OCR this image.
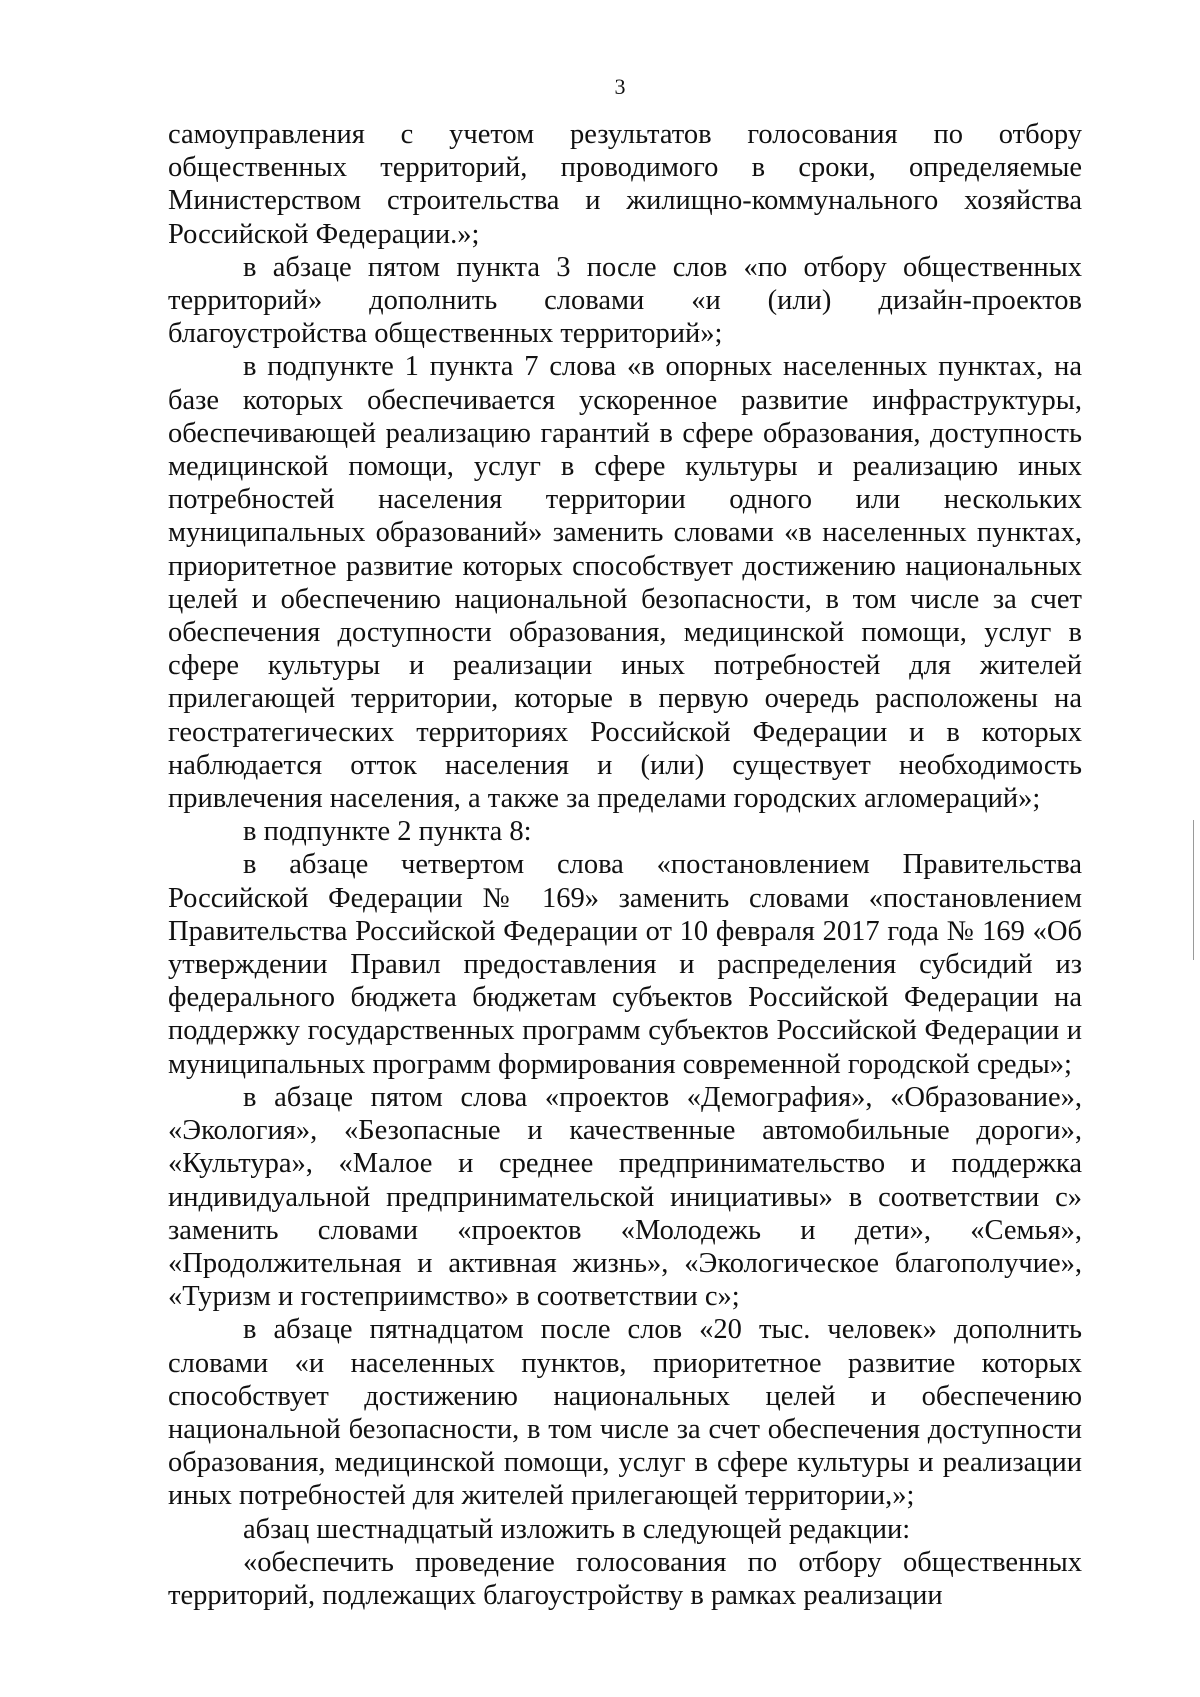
3

самоуправления с учетом результатов голосования по отбору общественных территорий, проводимого в сроки, определяемые Министерством строительства и жилищно-коммунального хозяйства Российской Федерации.»;

в абзаце пятом пункта 3 после слов «по отбору общественных территорий» дополнить словами «и (или) дизайн-проектов благоустройства общественных территорий»;

в подпункте 1 пункта 7 слова «в опорных населенных пунктах, на базе которых обеспечивается ускоренное развитие инфраструктуры, обеспечивающей реализацию гарантий в сфере образования, доступность медицинской помощи, услуг в сфере культуры и реализацию иных потребностей населения территории одного или нескольких муниципальных образований» заменить словами «в населенных пунктах, приоритетное развитие которых способствует достижению национальных целей и обеспечению национальной безопасности, в том числе за счет обеспечения доступности образования, медицинской помощи, услуг в сфере культуры и реализации иных потребностей для жителей прилегающей территории, которые в первую очередь расположены на геостратегических территориях Российской Федерации и в которых наблюдается отток населения и (или) существует необходимость привлечения населения, а также за пределами городских агломераций»;

в подпункте 2 пункта 8:

в абзаце четвертом слова «постановлением Правительства Российской Федерации № 169» заменить словами «постановлением Правительства Российской Федерации от 10 февраля 2017 года № 169 «Об утверждении Правил предоставления и распределения субсидий из федерального бюджета бюджетам субъектов Российской Федерации на поддержку государственных программ субъектов Российской Федерации и муниципальных программ формирования современной городской среды»;

в абзаце пятом слова «проектов «Демография», «Образование», «Экология», «Безопасные и качественные автомобильные дороги», «Культура», «Малое и среднее предпринимательство и поддержка индивидуальной предпринимательской инициативы» в соответствии с» заменить словами «проектов «Молодежь и дети», «Семья», «Продолжительная и активная жизнь», «Экологическое благополучие», «Туризм и гостеприимство» в соответствии с»;

в абзаце пятнадцатом после слов «20 тыс. человек» дополнить словами «и населенных пунктов, приоритетное развитие которых способствует достижению национальных целей и обеспечению национальной безопасности, в том числе за счет обеспечения доступности образования, медицинской помощи, услуг в сфере культуры и реализации иных потребностей для жителей прилегающей территории,»;

абзац шестнадцатый изложить в следующей редакции:

«обеспечить проведение голосования по отбору общественных территорий, подлежащих благоустройству в рамках реализации
